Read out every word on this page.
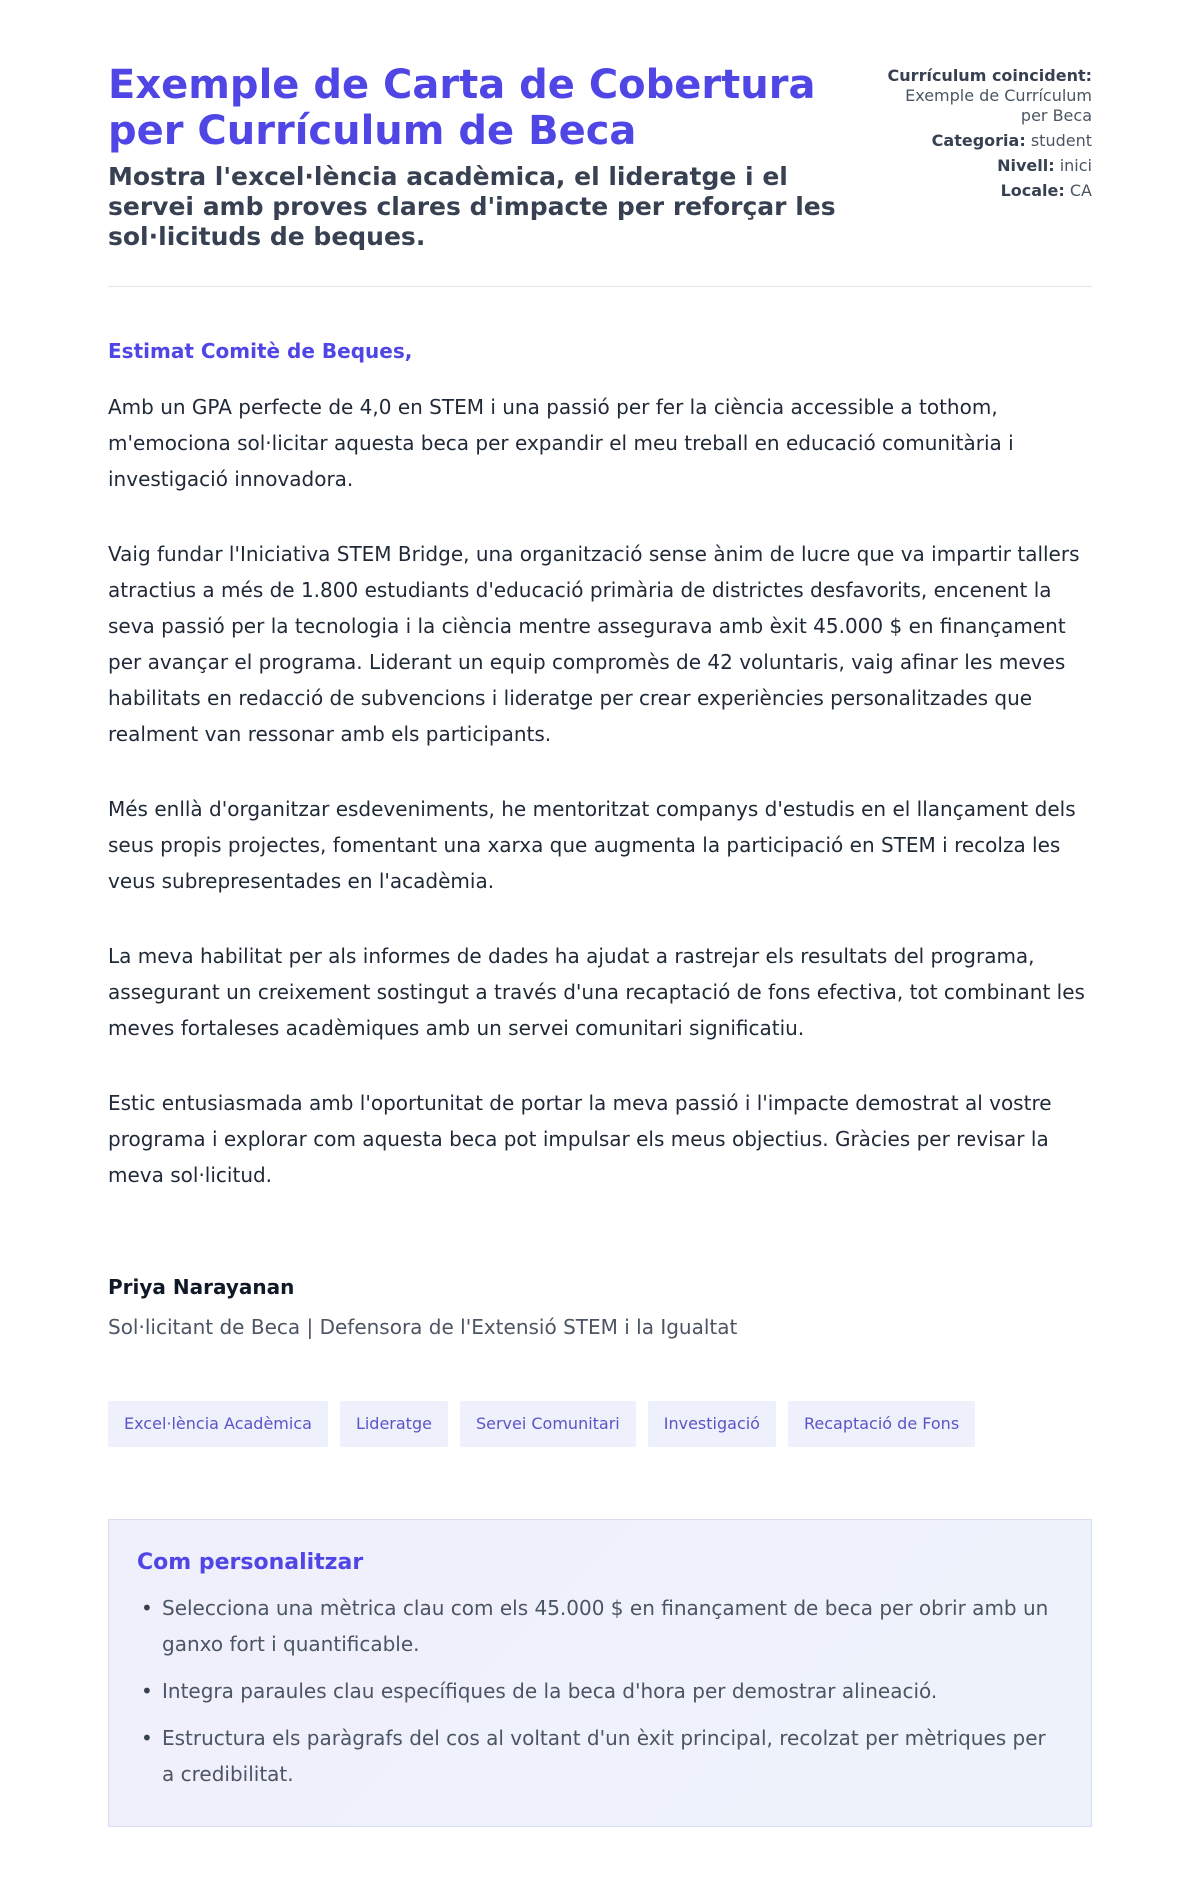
Exemple de Carta de Cobertura per Currículum de Beca
Mostra l'excel·lència acadèmica, el lideratge i el servei amb proves clares d'impacte per reforçar les sol·licituds de beques.
Currículum coincident: Exemple de Currículum per Beca
Categoria: student
Nivell: inici
Locale: CA

Estimat Comitè de Beques,

Amb un GPA perfecte de 4,0 en STEM i una passió per fer la ciència accessible a tothom, m'emociona sol·licitar aquesta beca per expandir el meu treball en educació comunitària i investigació innovadora.

Vaig fundar l'Iniciativa STEM Bridge, una organització sense ànim de lucre que va impartir tallers atractius a més de 1.800 estudiants d'educació primària de districtes desfavorits, encenent la seva passió per la tecnologia i la ciència mentre assegurava amb èxit 45.000 $ en finançament per avançar el programa. Liderant un equip compromès de 42 voluntaris, vaig afinar les meves habilitats en redacció de subvencions i lideratge per crear experiències personalitzades que realment van ressonar amb els participants.

Més enllà d'organitzar esdeveniments, he mentoritzat companys d'estudis en el llançament dels seus propis projectes, fomentant una xarxa que augmenta la participació en STEM i recolza les veus subrepresentades en l'acadèmia.

La meva habilitat per als informes de dades ha ajudat a rastrejar els resultats del programa, assegurant un creixement sostingut a través d'una recaptació de fons efectiva, tot combinant les meves fortaleses acadèmiques amb un servei comunitari significatiu.

Estic entusiasmada amb l'oportunitat de portar la meva passió i l'impacte demostrat al vostre programa i explorar com aquesta beca pot impulsar els meus objectius. Gràcies per revisar la meva sol·licitud.

Priya Narayanan
Sol·licitant de Beca | Defensora de l'Extensió STEM i la Igualtat
Excel·lència Acadèmica	Lideratge	Servei Comunitari	Investigació	Recaptació de Fons
Com personalitzar
• Selecciona una mètrica clau com els 45.000 $ en finançament de beca per obrir amb un ganxo fort i quantificable.
• Integra paraules clau específiques de la beca d'hora per demostrar alineació.
• Estructura els paràgrafs del cos al voltant d'un èxit principal, recolzat per mètriques per a credibilitat.
